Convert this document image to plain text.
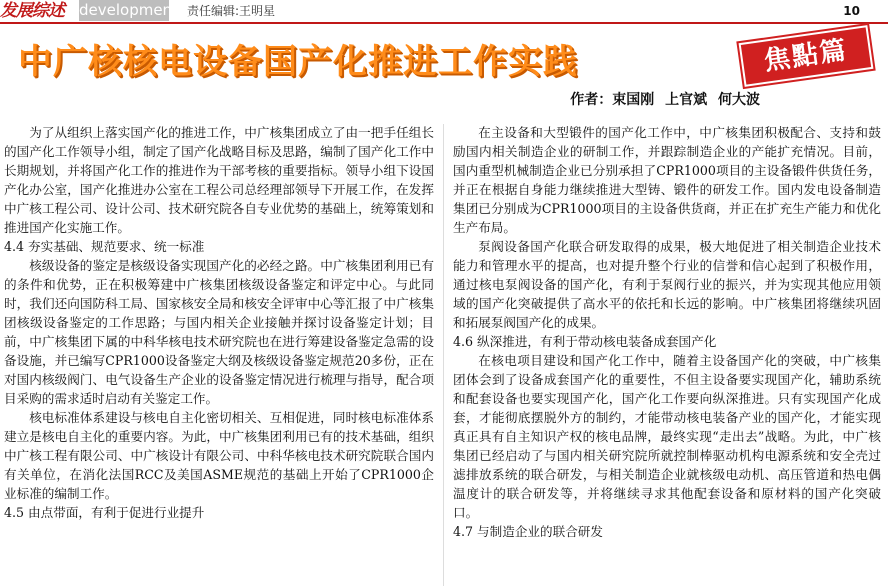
发展综述 development 责任编辑:王明星	10
中广核核电设备国产化推进工作实践	焦點篇
作者：束国刚 上官斌 何大波

为了从组织上落实国产化的推进工作，中广核集团成立了由一把手任组长的国产化工作领导小组，制定了国产化战略目标及思路，编制了国产化工作中长期规划，并将国产化工作的推进作为干部考核的重要指标。领导小组下设国产化办公室，国产化推进办公室在工程公司总经理部领导下开展工作，在发挥中广核工程公司、设计公司、技术研究院各自专业优势的基础上，统筹策划和推进国产化实施工作。

4.4 夯实基础、规范要求、统一标准

核级设备的鉴定是核级设备实现国产化的必经之路。中广核集团利用已有的条件和优势，正在积极筹建中广核集团核级设备鉴定和评定中心。与此同时，我们还向国防科工局、国家核安全局和核安全评审中心等汇报了中广核集团核级设备鉴定的工作思路；与国内相关企业接触并探讨设备鉴定计划；目前，中广核集团下属的中科华核电技术研究院也在进行筹建设备鉴定急需的设备设施，并已编写CPR1000设备鉴定大纲及核级设备鉴定规范20多份，正在对国内核级阀门、电气设备生产企业的设备鉴定情况进行梳理与指导，配合项目采购的需求适时启动有关鉴定工作。

核电标准体系建设与核电自主化密切相关、互相促进，同时核电标准体系建立是核电自主化的重要内容。为此，中广核集团利用已有的技术基础，组织中广核工程有限公司、中广核设计有限公司、中科华核电技术研究院联合国内有关单位，在消化法国RCC及美国ASME规范的基础上开始了CPR1000企业标准的编制工作。

4.5 由点带面，有利于促进行业提升

在主设备和大型锻件的国产化工作中，中广核集团积极配合、支持和鼓励国内相关制造企业的研制工作，并跟踪制造企业的产能扩充情况。目前，国内重型机械制造企业已分别承担了CPR1000项目的主设备锻件供货任务，并正在根据自身能力继续推进大型铸、锻件的研发工作。国内发电设备制造集团已分别成为CPR1000项目的主设备供货商，并正在扩充生产能力和优化生产布局。

泵阀设备国产化联合研发取得的成果，极大地促进了相关制造企业技术能力和管理水平的提高，也对提升整个行业的信誉和信心起到了积极作用，通过核电泵阀设备的国产化，有利于泵阀行业的振兴，并为实现其他应用领域的国产化突破提供了高水平的依托和长远的影响。中广核集团将继续巩固和拓展泵阀国产化的成果。

4.6 纵深推进，有利于带动核电装备成套国产化

在核电项目建设和国产化工作中，随着主设备国产化的突破，中广核集团体会到了设备成套国产化的重要性，不但主设备要实现国产化，辅助系统和配套设备也要实现国产化，国产化工作要向纵深推进。只有实现国产化成套，才能彻底摆脱外方的制约，才能带动核电装备产业的国产化，才能实现真正具有自主知识产权的核电品牌，最终实现“走出去”战略。为此，中广核集团已经启动了与国内相关研究院所就控制棒驱动机构电源系统和安全壳过滤排放系统的联合研发，与相关制造企业就核级电动机、高压管道和热电偶温度计的联合研发等，并将继续寻求其他配套设备和原材料的国产化突破口。

4.7 与制造企业的联合研发
